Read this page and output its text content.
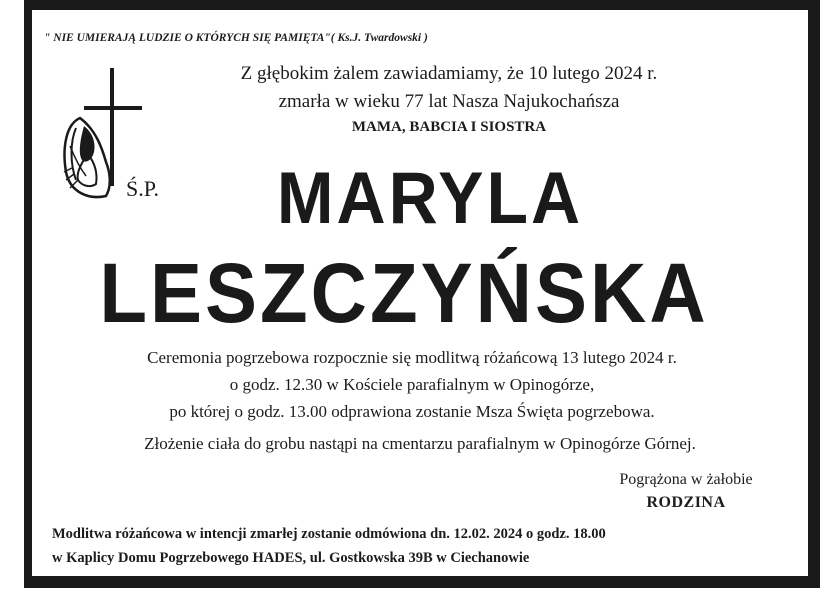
" NIE UMIERAJĄ LUDZIE O KTÓRYCH SIĘ PAMIĘTA"( Ks.J. Twardowski )
Z głębokim żalem zawiadamiamy, że 10 lutego 2024 r.
zmarła w wieku 77 lat Nasza Najukochańsza
MAMA, BABCIA I SIOSTRA
Ś.P.	MARYLA
LESZCZYŃSKA
Ceremonia pogrzebowa rozpocznie się modlitwą różańcową 13 lutego 2024 r.
o godz. 12.30 w Kościele parafialnym w Opinogórze,
po której o godz. 13.00 odprawiona zostanie Msza Święta pogrzebowa.
Złożenie ciała do grobu nastąpi na cmentarzu parafialnym w Opinogórze Górnej.
Pogrążona w żałobie
RODZINA
Modlitwa różańcowa w intencji zmarłej zostanie odmówiona dn. 12.02. 2024 o godz. 18.00
w Kaplicy Domu Pogrzebowego HADES, ul. Gostkowska 39B w Ciechanowie
